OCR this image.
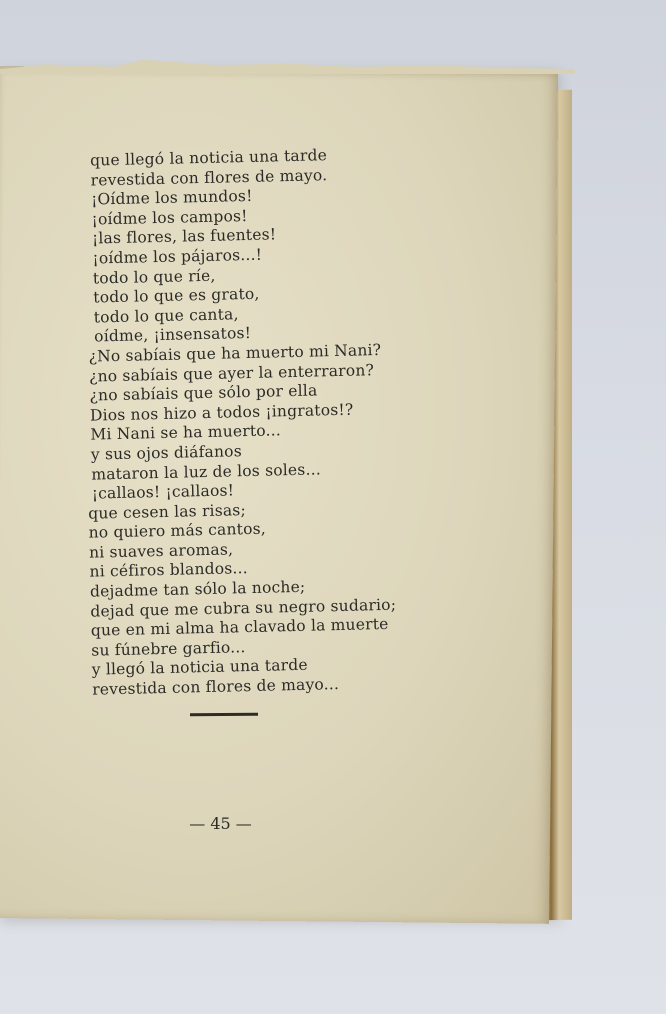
que llegó la noticia una tarde
revestida con flores de mayo.
¡Oídme los mundos!
¡oídme los campos!
¡las flores, las fuentes!
¡oídme los pájaros...!
todo lo que ríe,
todo lo que es grato,
todo lo que canta,
oídme, ¡insensatos!
¿No sabíais que ha muerto mi Nani?
¿no sabíais que ayer la enterraron?
¿no sabíais que sólo por ella
Dios nos hizo a todos ¡ingratos!?
Mi Nani se ha muerto...
y sus ojos diáfanos
mataron la luz de los soles...
¡callaos! ¡callaos!
que cesen las risas;
no quiero más cantos,
ni suaves aromas,
ni céfiros blandos...
dejadme tan sólo la noche;
dejad que me cubra su negro sudario;
que en mi alma ha clavado la muerte
su fúnebre garfio...
y llegó la noticia una tarde
revestida con flores de mayo...
— 45 —
